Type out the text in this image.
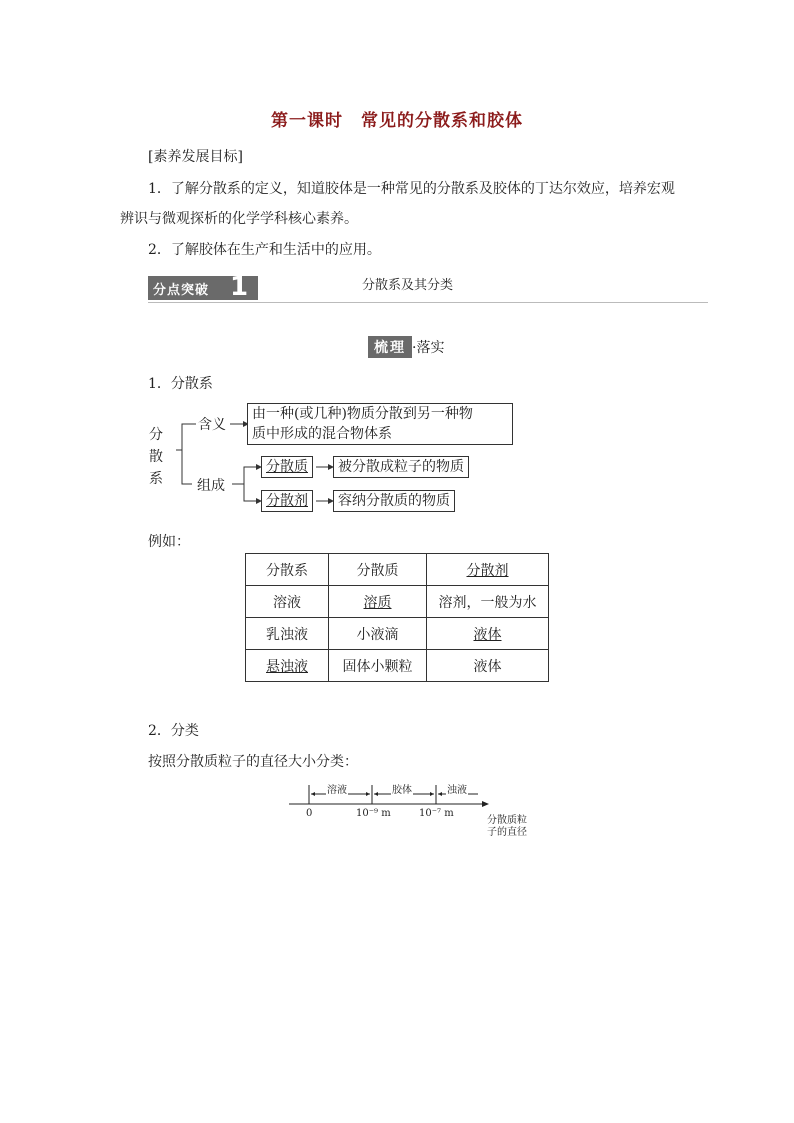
第一课时　常见的分散系和胶体
[素养发展目标]
1．了解分散系的定义，知道胶体是一种常见的分散系及胶体的丁达尔效应，培养宏观
辨识与微观探析的化学学科核心素养。
2．了解胶体在生产和生活中的应用。
分点突破 1	分散系及其分类
梳理 ·落实
1．分散系
分
散
系
含义
由一种(或几种)物质分散到另一种物
质中形成的混合物体系
组成
分散质	被分散成粒子的物质
分散剂	容纳分散质的物质
例如：
分散系	分散质	分散剂
溶液	溶质	溶剂，一般为水
乳浊液	小液滴	液体
悬浊液	固体小颗粒	液体
2．分类
按照分散质粒子的直径大小分类：
溶液	胶体	浊液
0	10⁻⁹ m	10⁻⁷ m
分散质粒
子的直径
